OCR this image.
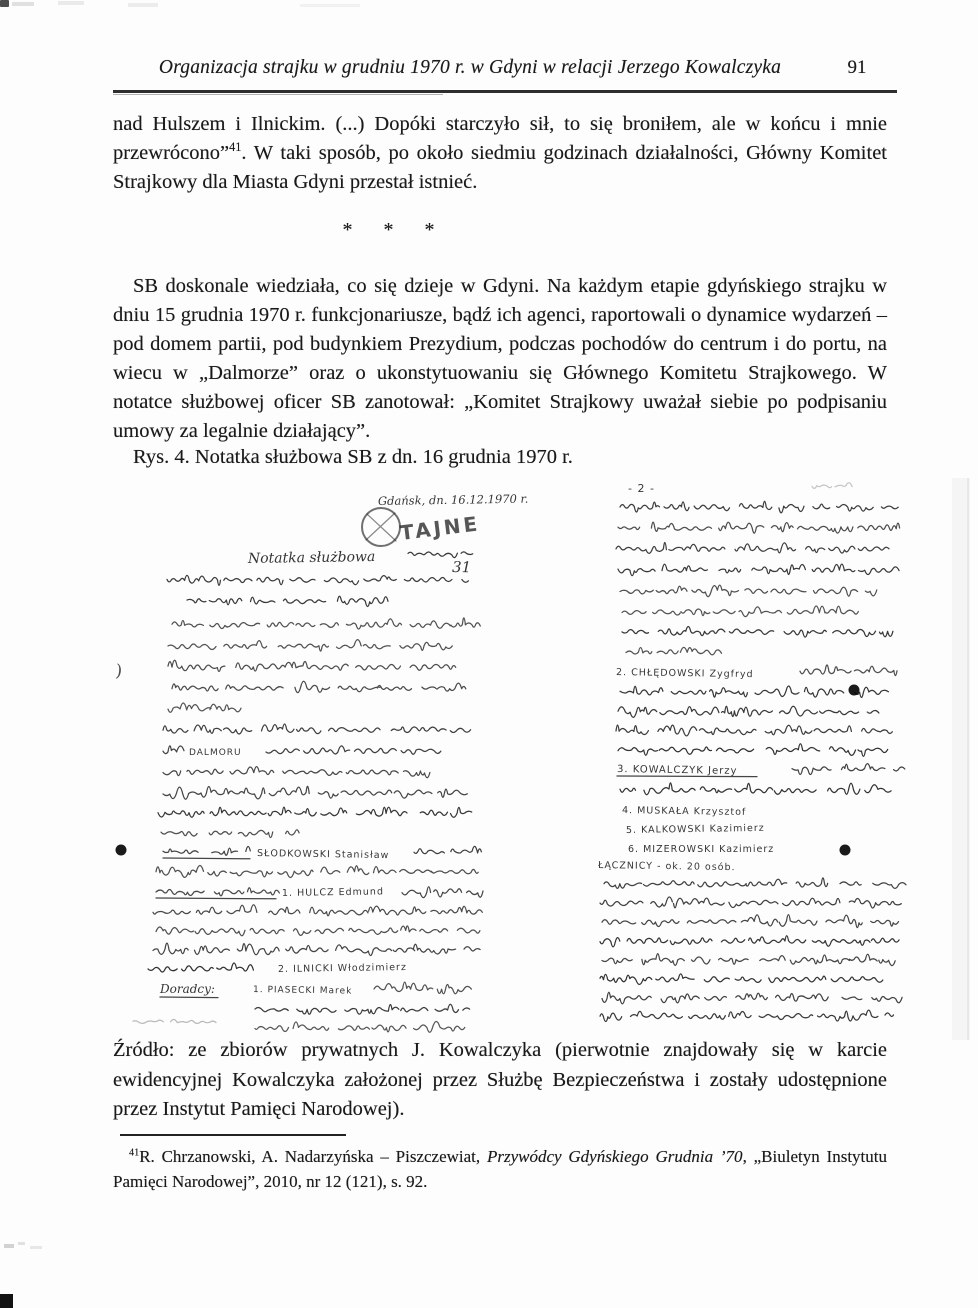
Organizacja strajku w grudniu 1970 r. w Gdyni w relacji Jerzego Kowalczyka	91

nad Hulszem i Ilnickim. (...) Dopóki starczyło sił, to się broniłem, ale w końcu i mnie przewrócono”$^{41}$. W taki sposób, po około siedmiu godzinach działalności, Główny Komitet Strajkowy dla Miasta Gdyni przestał istnieć.

* * *

SB doskonale wiedziała, co się dzieje w Gdyni. Na każdym etapie gdyńskiego strajku w dniu 15 grudnia 1970 r. funkcjonariusze, bądź ich agenci, raportowali o dynamice wydarzeń – pod domem partii, pod budynkiem Prezydium, podczas pochodów do centrum i do portu, na wiecu w „Dalmorze” oraz o ukonstytuowaniu się Głównego Komitetu Strajkowego. W notatce służbowej oficer SB zanotował: „Komitet Strajkowy uważał siebie po podpisaniu umowy za legalnie działający”.

Rys. 4. Notatka służbowa SB z dn. 16 grudnia 1970 r.

Gdańsk, dn. 16.12.1970 r.
31
Notatka służbowa
DALMORU
SŁODKOWSKI Stanisław
1. HULCZ Edmund
2. ILNICKI Włodzimierz
Doradcy:	1. PIASECKI Marek
- 2 -
2. CHŁĘDOWSKI Zygfryd
3. KOWALCZYK Jerzy
4. MUSKAŁA Krzysztof
5. KALKOWSKI Kazimierz
6. MIZEROWSKI Kazimierz
ŁĄCZNICY - ok. 20 osób.
TAJNE
)

Źródło: ze zbiorów prywatnych J. Kowalczyka (pierwotnie znajdowały się w karcie ewidencyjnej Kowalczyka założonej przez Służbę Bezpieczeństwa i zostały udostępnione przez Instytut Pamięci Narodowej).

$^{41}$R. Chrzanowski, A. Nadarzyńska – Piszczewiat, Przywódcy Gdyńskiego Grudnia ’70, „Biuletyn Instytutu Pamięci Narodowej”, 2010, nr 12 (121), s. 92.
